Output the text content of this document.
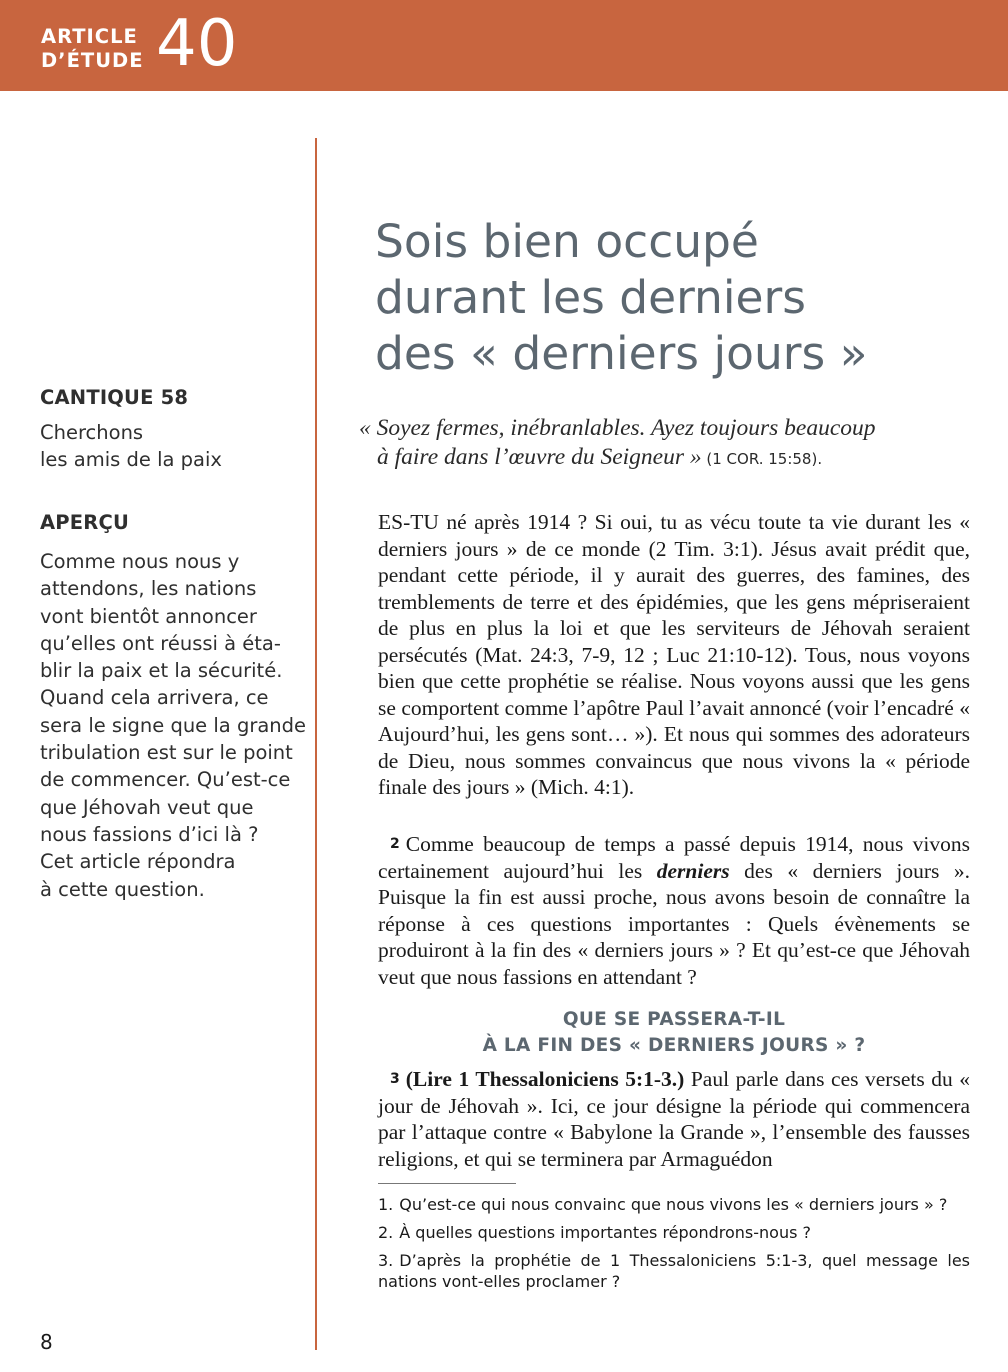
ARTICLE
D’ÉTUDE 40
CANTIQUE 58
Cherchons
les amis de la paix
APERÇU
Comme nous nous y
attendons, les nations
vont bientôt annoncer
qu’elles ont réussi à éta-
blir la paix et la sécurité.
Quand cela arrivera, ce
sera le signe que la grande
tribulation est sur le point
de commencer. Qu’est-ce
que Jéhovah veut que
nous fassions d’ici là ?
Cet article répondra
à cette question.
Sois bien occupé
durant les derniers
des « derniers jours »
« Soyez fermes, inébranlables. Ayez toujours beaucoup
à faire dans l’œuvre du Seigneur » (1 COR. 15:58).

ES-TU né après 1914 ? Si oui, tu as vécu toute ta vie durant les « derniers jours » de ce monde (2 Tim. 3:1). Jésus avait prédit que, pendant cette période, il y aurait des guerres, des famines, des tremblements de terre et des épidémies, que les gens mépriseraient de plus en plus la loi et que les serviteurs de Jéhovah seraient persécutés (Mat. 24:3, 7-9, 12 ; Luc 21:10-12). Tous, nous voyons bien que cette prophétie se réalise. Nous voyons aussi que les gens se comportent comme l’apôtre Paul l’avait annoncé (voir l’encadré « Aujourd’hui, les gens sont… »). Et nous qui sommes des adorateurs de Dieu, nous sommes convaincus que nous vivons la « période finale des jours » (Mich. 4:1).

2 Comme beaucoup de temps a passé depuis 1914, nous vivons certainement aujourd’hui les derniers des « derniers jours ». Puisque la fin est aussi proche, nous avons besoin de connaître la réponse à ces questions importantes : Quels évènements se produiront à la fin des « derniers jours » ? Et qu’est-ce que Jéhovah veut que nous fassions en attendant ?

QUE SE PASSERA-T-IL
À LA FIN DES « DERNIERS JOURS » ?

3 (Lire 1 Thessaloniciens 5:1-3.) Paul parle dans ces versets du « jour de Jéhovah ». Ici, ce jour désigne la période qui commencera par l’attaque contre « Babylone la Grande », l’ensemble des fausses religions, et qui se terminera par Armaguédon

1. Qu’est-ce qui nous convainc que nous vivons les « derniers jours » ?
2. À quelles questions importantes répondrons-nous ?
3. D’après la prophétie de 1 Thessaloniciens 5:1-3, quel message les nations vont-elles proclamer ?
8
